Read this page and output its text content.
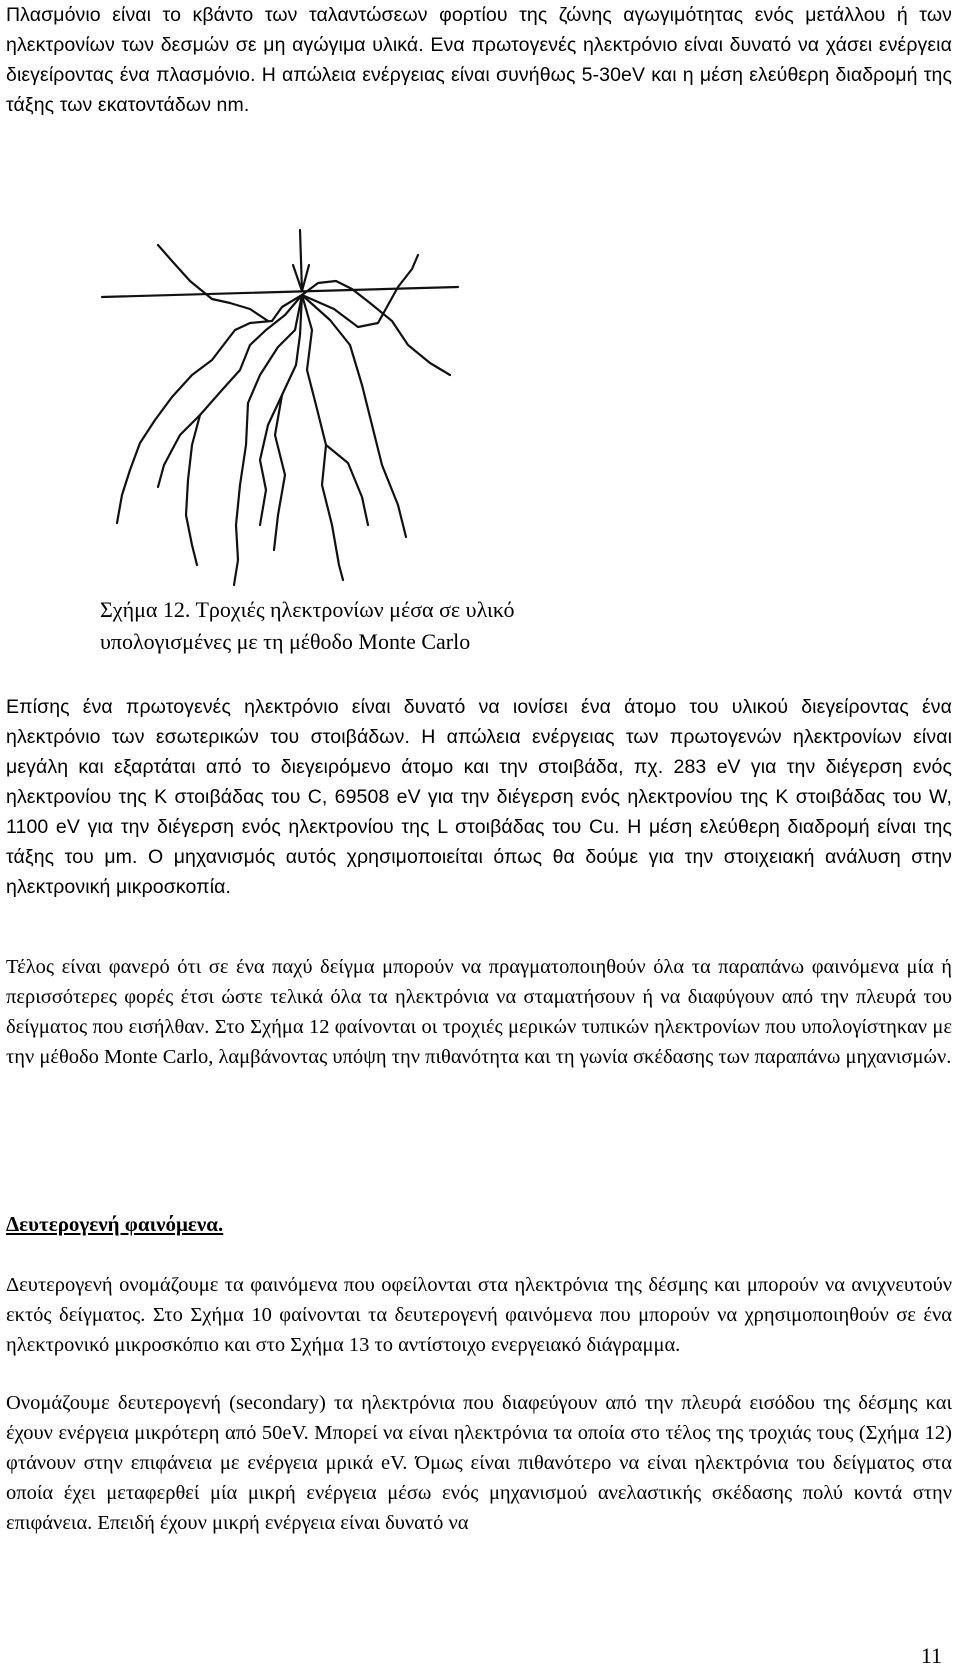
Πλασμόνιο είναι το κβάντο των ταλαντώσεων φορτίου της ζώνης αγωγιμότητας ενός μετάλλου ή των ηλεκτρονίων των δεσμών σε μη αγώγιμα υλικά. Ενα πρωτογενές ηλεκτρόνιο είναι δυνατό να χάσει ενέργεια διεγείροντας ένα πλασμόνιο. Η απώλεια ενέργειας είναι συνήθως 5-30eV και η μέση ελεύθερη διαδρομή της τάξης των εκατοντάδων nm.

Σχήμα 12. Τροχιές ηλεκτρονίων μέσα σε υλικό
υπολογισμένες με τη μέθοδο Monte Carlo

Επίσης ένα πρωτογενές ηλεκτρόνιο είναι δυνατό να ιονίσει ένα άτομο του υλικού διεγείροντας ένα ηλεκτρόνιο των εσωτερικών του στοιβάδων. Η απώλεια ενέργειας των πρωτογενών ηλεκτρονίων είναι μεγάλη και εξαρτάται από το διεγειρόμενο άτομο και την στοιβάδα, πχ. 283 eV για την διέγερση ενός ηλεκτρονίου της K στοιβάδας του C, 69508 eV για την διέγερση ενός ηλεκτρονίου της K στοιβάδας του W, 1100 eV για την διέγερση ενός ηλεκτρονίου της L στοιβάδας του Cu. Η μέση ελεύθερη διαδρομή είναι της τάξης του μm. Ο μηχανισμός αυτός χρησιμοποιείται όπως θα δούμε για την στοιχειακή ανάλυση στην ηλεκτρονική μικροσκοπία.

Τέλος είναι φανερό ότι σε ένα παχύ δείγμα μπορούν να πραγματοποιηθούν όλα τα παραπάνω φαινόμενα μία ή περισσότερες φορές έτσι ώστε τελικά όλα τα ηλεκτρόνια να σταματήσουν ή να διαφύγουν από την πλευρά του δείγματος που εισήλθαν. Στο Σχήμα 12 φαίνονται οι τροχιές μερικών τυπικών ηλεκτρονίων που υπολογίστηκαν με την μέθοδο Monte Carlo, λαμβάνοντας υπόψη την πιθανότητα και τη γωνία σκέδασης των παραπάνω μηχανισμών.

Δευτερογενή φαινόμενα.

Δευτερογενή ονομάζουμε τα φαινόμενα που οφείλονται στα ηλεκτρόνια της δέσμης και μπορούν να ανιχνευτούν εκτός δείγματος. Στο Σχήμα 10 φαίνονται τα δευτερογενή φαινόμενα που μπορούν να χρησιμοποιηθούν σε ένα ηλεκτρονικό μικροσκόπιο και στο Σχήμα 13 το αντίστοιχο ενεργειακό διάγραμμα.

Ονομάζουμε δευτερογενή (secondary) τα ηλεκτρόνια που διαφεύγουν από την πλευρά εισόδου της δέσμης και έχουν ενέργεια μικρότερη από 50eV. Μπορεί να είναι ηλεκτρόνια τα οποία στο τέλος της τροχιάς τους (Σχήμα 12) φτάνουν στην επιφάνεια με ενέργεια μρικά eV. Όμως είναι πιθανότερο να είναι ηλεκτρόνια του δείγματος στα οποία έχει μεταφερθεί μία μικρή ενέργεια μέσω ενός μηχανισμού ανελαστικής σκέδασης πολύ κοντά στην επιφάνεια. Επειδή έχουν μικρή ενέργεια είναι δυνατό να

11
